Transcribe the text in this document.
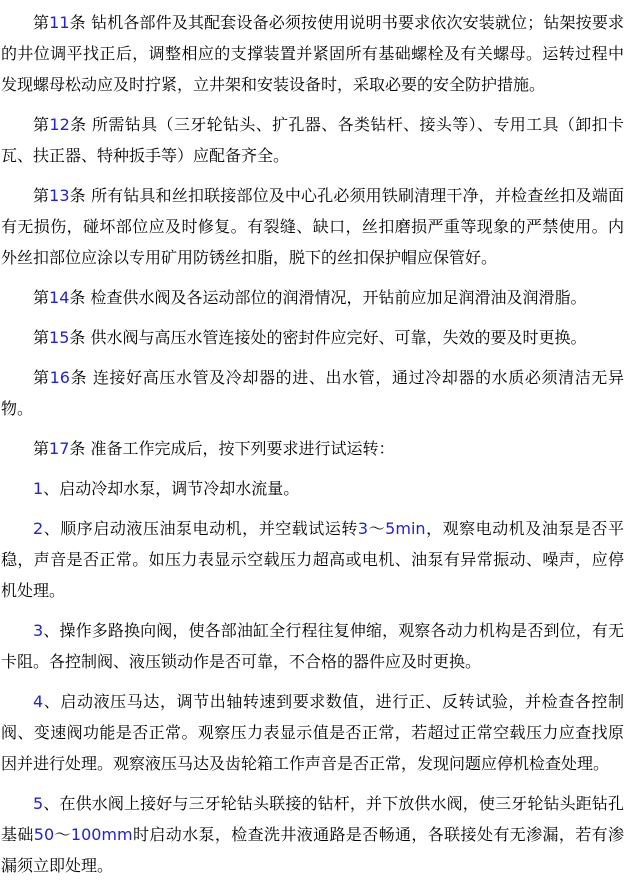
第11条 钻机各部件及其配套设备必须按使用说明书要求依次安装就位；钻架按要求的井位调平找正后，调整相应的支撑装置并紧固所有基础螺栓及有关螺母。运转过程中发现螺母松动应及时拧紧，立井架和安装设备时，采取必要的安全防护措施。

第12条 所需钻具（三牙轮钻头、扩孔器、各类钻杆、接头等）、专用工具（卸扣卡瓦、扶正器、特种扳手等）应配备齐全。

第13条 所有钻具和丝扣联接部位及中心孔必须用铁刷清理干净，并检查丝扣及端面有无损伤，碰坏部位应及时修复。有裂缝、缺口，丝扣磨损严重等现象的严禁使用。内外丝扣部位应涂以专用矿用防锈丝扣脂，脱下的丝扣保护帽应保管好。

第14条 检查供水阀及各运动部位的润滑情况，开钻前应加足润滑油及润滑脂。

第15条 供水阀与高压水管连接处的密封件应完好、可靠，失效的要及时更换。

第16条 连接好高压水管及冷却器的进、出水管，通过冷却器的水质必须清洁无异物。

第17条 准备工作完成后，按下列要求进行试运转：

1、启动冷却水泵，调节冷却水流量。

2、顺序启动液压油泵电动机，并空载试运转3～5min，观察电动机及油泵是否平稳，声音是否正常。如压力表显示空载压力超高或电机、油泵有异常振动、噪声，应停机处理。

3、操作多路换向阀，使各部油缸全行程往复伸缩，观察各动力机构是否到位，有无卡阻。各控制阀、液压锁动作是否可靠，不合格的器件应及时更换。

4、启动液压马达，调节出轴转速到要求数值，进行正、反转试验，并检查各控制阀、变速阀功能是否正常。观察压力表显示值是否正常，若超过正常空载压力应查找原因并进行处理。观察液压马达及齿轮箱工作声音是否正常，发现问题应停机检查处理。

5、在供水阀上接好与三牙轮钻头联接的钻杆，并下放供水阀，使三牙轮钻头距钻孔基础50～100mm时启动水泵，检查洗井液通路是否畅通，各联接处有无渗漏，若有渗漏须立即处理。
